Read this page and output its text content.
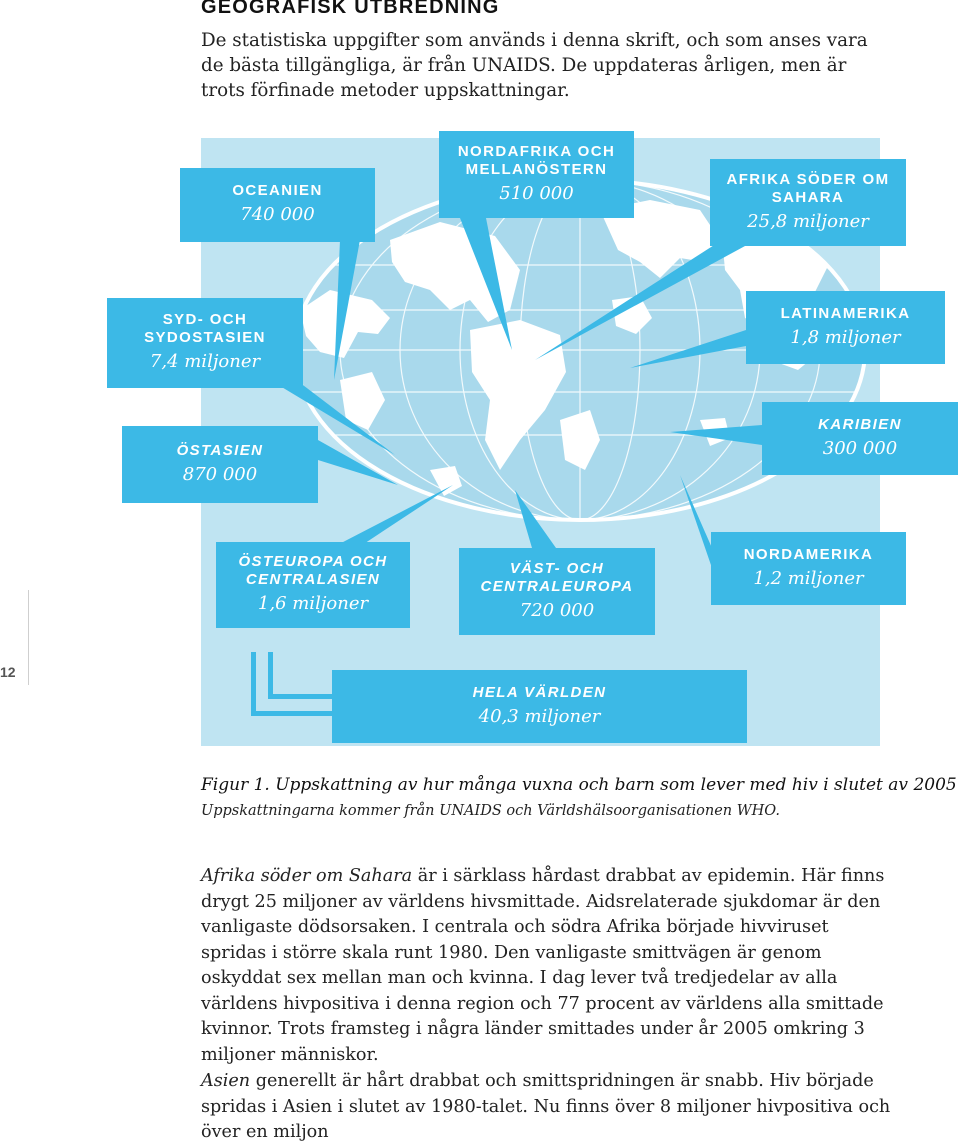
GEOGRAFISK UTBREDNING

De statistiska uppgifter som används i denna skrift, och som anses vara de bästa tillgängliga, är från UNAIDS. De uppdateras årligen, men är trots förfinade metoder uppskattningar.

12
OCEANIEN
740 000
NORDAFRIKA OCH MELLANÖSTERN
510 000
AFRIKA SÖDER OM SAHARA
25,8 miljoner
SYD- OCH SYDOSTASIEN
7,4 miljoner
LATINAMERIKA
1,8 miljoner
ÖSTASIEN
870 000
KARIBIEN
300 000
ÖSTEUROPA OCH CENTRALASIEN
1,6 miljoner
VÄST- OCH CENTRALEUROPA
720 000
NORDAMERIKA
1,2 miljoner
HELA VÄRLDEN
40,3 miljoner

Figur 1. Uppskattning av hur många vuxna och barn som lever med hiv i slutet av 2005

Uppskattningarna kommer från UNAIDS och Världshälsoorganisationen WHO.

Afrika söder om Sahara är i särklass hårdast drabbat av epidemin. Här finns drygt 25 miljoner av världens hivsmittade. Aidsrelaterade sjukdomar är den vanligaste dödsorsaken. I centrala och södra Afrika började hivviruset spridas i större skala runt 1980. Den vanligaste smittvägen är genom oskyddat sex mellan man och kvinna. I dag lever två tredjedelar av alla världens hivpositiva i denna region och 77 procent av världens alla smittade kvinnor. Trots framsteg i några länder smittades under år 2005 omkring 3 miljoner människor.

Asien generellt är hårt drabbat och smittspridningen är snabb. Hiv började spridas i Asien i slutet av 1980-talet. Nu finns över 8 miljoner hivpositiva och över en miljon
